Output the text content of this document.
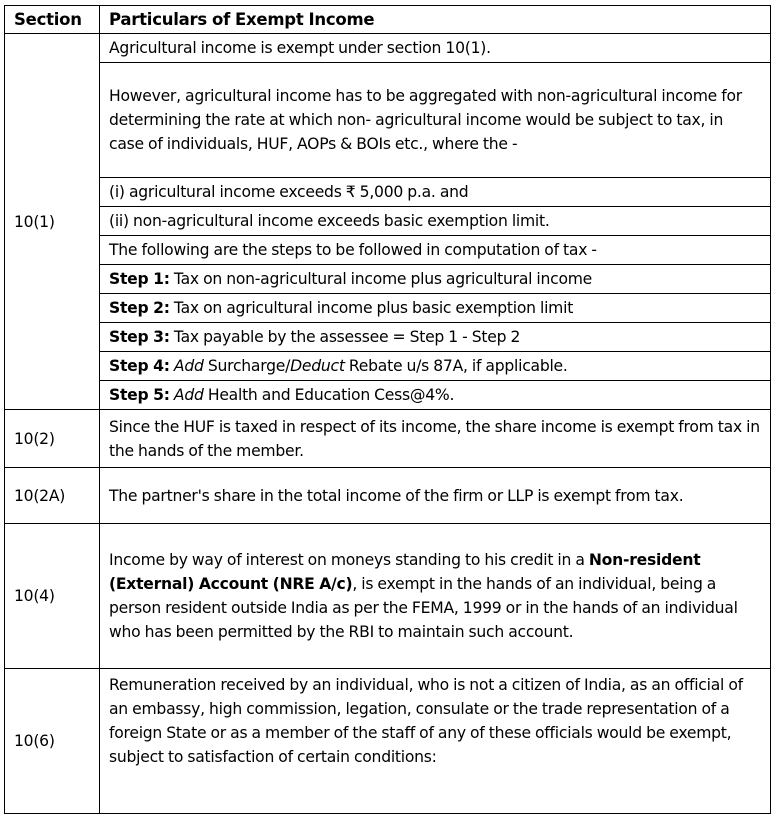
Section	Particulars of Exempt Income
10(1)	Agricultural income is exempt under section 10(1).
	However, agricultural income has to be aggregated with non-agricultural income for determining the rate at which non- agricultural income would be subject to tax, in case of individuals, HUF, AOPs & BOIs etc., where the -
	(i) agricultural income exceeds ₹ 5,000 p.a. and
	(ii) non-agricultural income exceeds basic exemption limit.
	The following are the steps to be followed in computation of tax -
	Step 1: Tax on non-agricultural income plus agricultural income
	Step 2: Tax on agricultural income plus basic exemption limit
	Step 3: Tax payable by the assessee = Step 1 - Step 2
	Step 4: Add Surcharge/Deduct Rebate u/s 87A, if applicable.
	Step 5: Add Health and Education Cess@4%.
10(2)	Since the HUF is taxed in respect of its income, the share income is exempt from tax in the hands of the member.
10(2A)	The partner's share in the total income of the firm or LLP is exempt from tax.
10(4)	Income by way of interest on moneys standing to his credit in a Non-resident (External) Account (NRE A/c), is exempt in the hands of an individual, being a person resident outside India as per the FEMA, 1999 or in the hands of an individual who has been permitted by the RBI to maintain such account.
10(6)	Remuneration received by an individual, who is not a citizen of India, as an official of an embassy, high commission, legation, consulate or the trade representation of a foreign State or as a member of the staff of any of these officials would be exempt, subject to satisfaction of certain conditions:
